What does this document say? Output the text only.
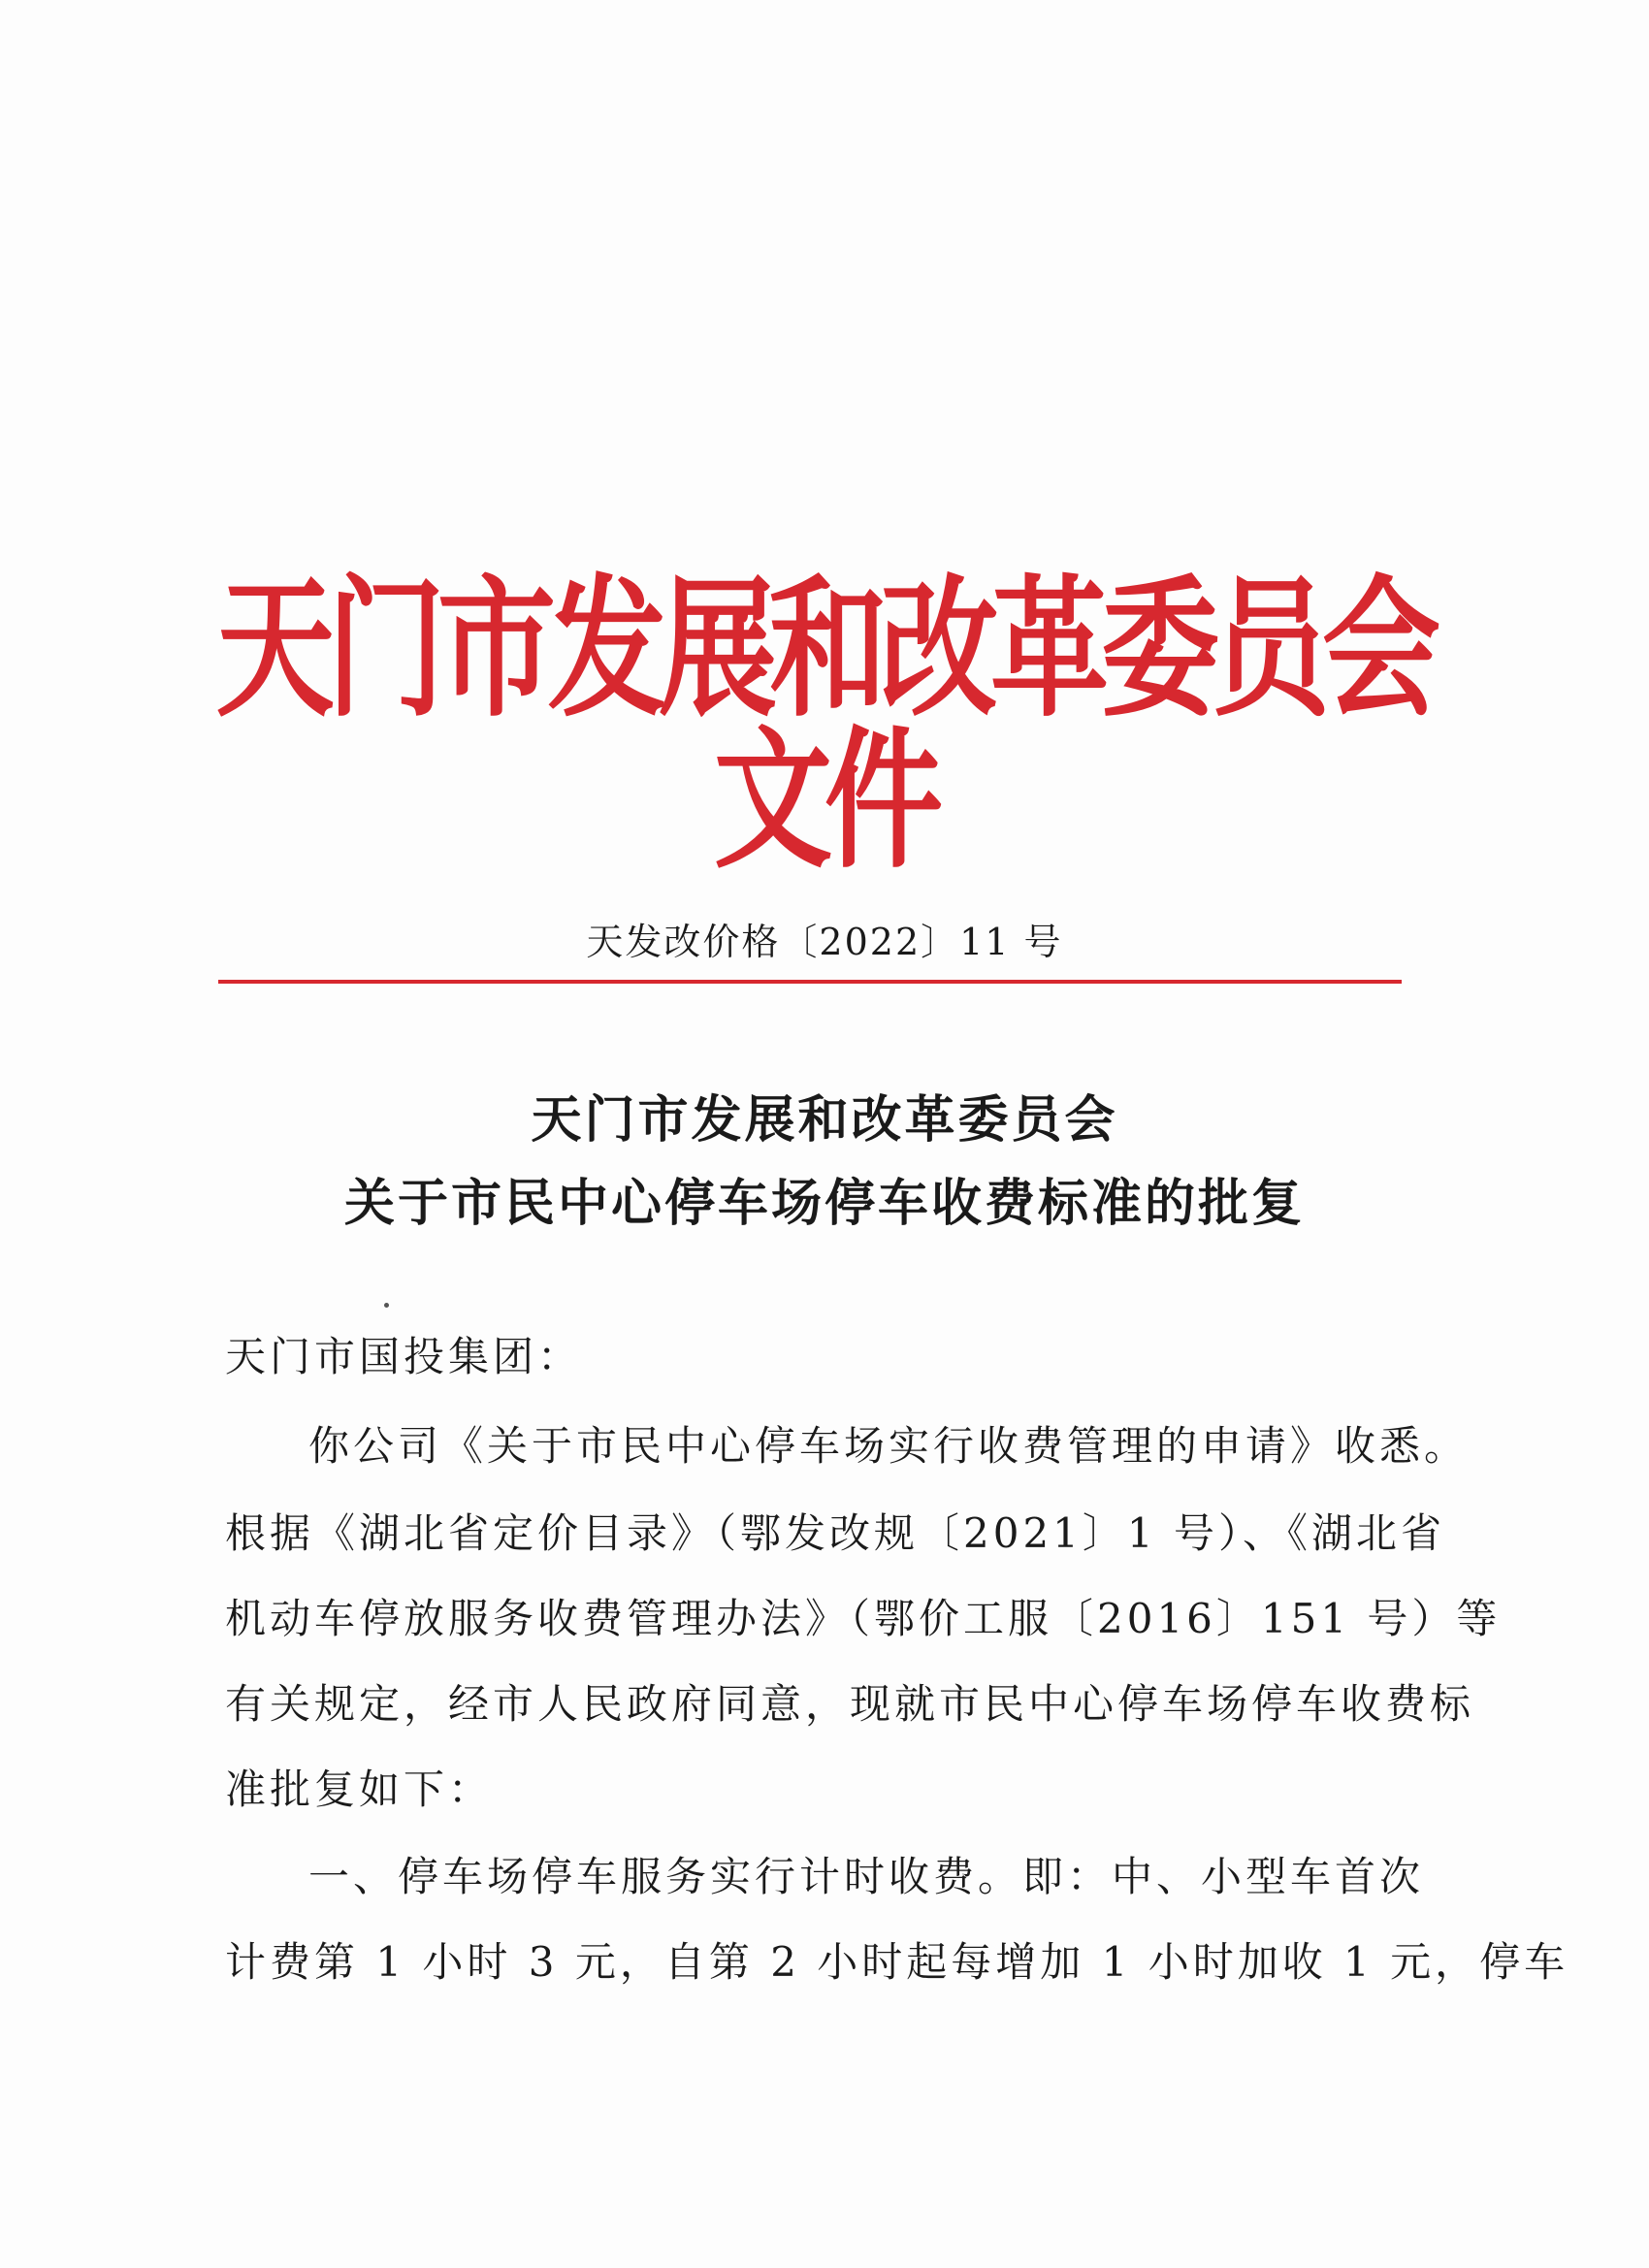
天门市发展和改革委员会文件
天发改价格〔2022〕11 号
天门市发展和改革委员会
关于市民中心停车场停车收费标准的批复
天门市国投集团：
你公司《关于市民中心停车场实行收费管理的申请》收悉。
根据《湖北省定价目录》（鄂发改规〔2021〕1 号）、《湖北省
机动车停放服务收费管理办法》（鄂价工服〔2016〕151 号）等
有关规定，经市人民政府同意，现就市民中心停车场停车收费标
准批复如下：
一、停车场停车服务实行计时收费。即：中、小型车首次
计费第 1 小时 3 元，自第 2 小时起每增加 1 小时加收 1 元，停车
